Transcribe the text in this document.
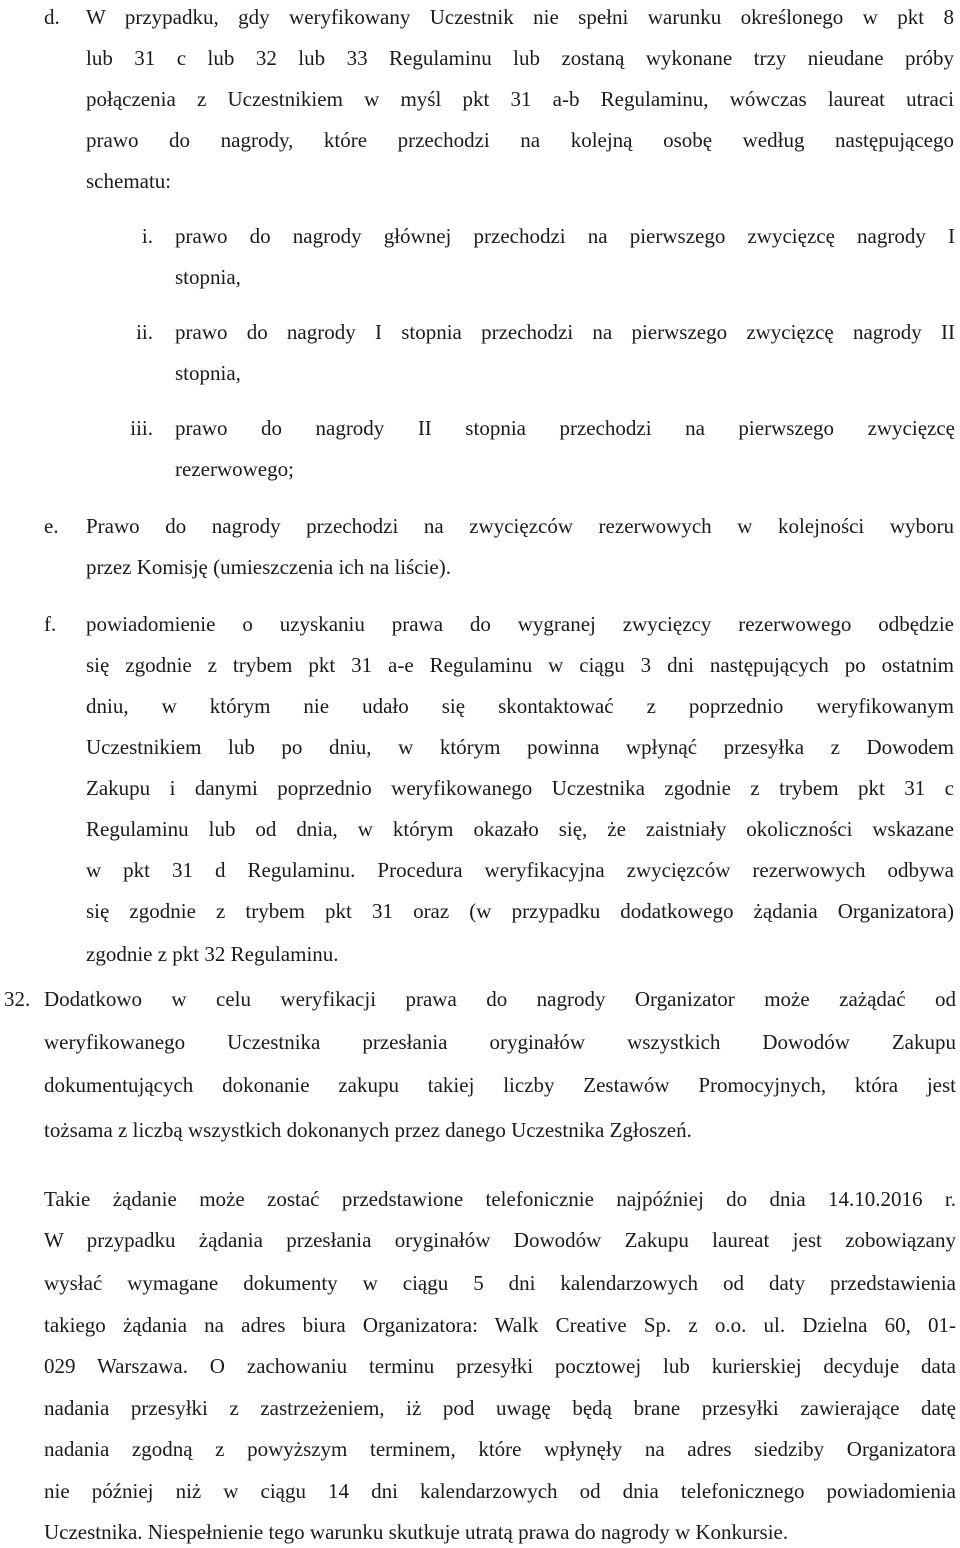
d. W przypadku, gdy weryfikowany Uczestnik nie spełni warunku określonego w pkt 8
lub 31 c lub 32 lub 33 Regulaminu lub zostaną wykonane trzy nieudane próby
połączenia z Uczestnikiem w myśl pkt 31 a-b Regulaminu, wówczas laureat utraci
prawo do nagrody, które przechodzi na kolejną osobę według następującego
schematu:
i. prawo do nagrody głównej przechodzi na pierwszego zwycięzcę nagrody I
stopnia,
ii. prawo do nagrody I stopnia przechodzi na pierwszego zwycięzcę nagrody II
stopnia,
iii. prawo do nagrody II stopnia przechodzi na pierwszego zwycięzcę
rezerwowego;
e. Prawo do nagrody przechodzi na zwycięzców rezerwowych w kolejności wyboru
przez Komisję (umieszczenia ich na liście).
f. powiadomienie o uzyskaniu prawa do wygranej zwycięzcy rezerwowego odbędzie
się zgodnie z trybem pkt 31 a-e Regulaminu w ciągu 3 dni następujących po ostatnim
dniu, w którym nie udało się skontaktować z poprzednio weryfikowanym
Uczestnikiem lub po dniu, w którym powinna wpłynąć przesyłka z Dowodem
Zakupu i danymi poprzednio weryfikowanego Uczestnika zgodnie z trybem pkt 31 c
Regulaminu lub od dnia, w którym okazało się, że zaistniały okoliczności wskazane
w pkt 31 d Regulaminu. Procedura weryfikacyjna zwycięzców rezerwowych odbywa
się zgodnie z trybem pkt 31 oraz (w przypadku dodatkowego żądania Organizatora)
zgodnie z pkt 32 Regulaminu.
32. Dodatkowo w celu weryfikacji prawa do nagrody Organizator może zażądać od
weryfikowanego Uczestnika przesłania oryginałów wszystkich Dowodów Zakupu
dokumentujących dokonanie zakupu takiej liczby Zestawów Promocyjnych, która jest
tożsama z liczbą wszystkich dokonanych przez danego Uczestnika Zgłoszeń.
Takie żądanie może zostać przedstawione telefonicznie najpóźniej do dnia 14.10.2016 r.
W przypadku żądania przesłania oryginałów Dowodów Zakupu laureat jest zobowiązany
wysłać wymagane dokumenty w ciągu 5 dni kalendarzowych od daty przedstawienia
takiego żądania na adres biura Organizatora: Walk Creative Sp. z o.o. ul. Dzielna 60, 01-
029 Warszawa. O zachowaniu terminu przesyłki pocztowej lub kurierskiej decyduje data
nadania przesyłki z zastrzeżeniem, iż pod uwagę będą brane przesyłki zawierające datę
nadania zgodną z powyższym terminem, które wpłynęły na adres siedziby Organizatora
nie później niż w ciągu 14 dni kalendarzowych od dnia telefonicznego powiadomienia
Uczestnika. Niespełnienie tego warunku skutkuje utratą prawa do nagrody w Konkursie.
